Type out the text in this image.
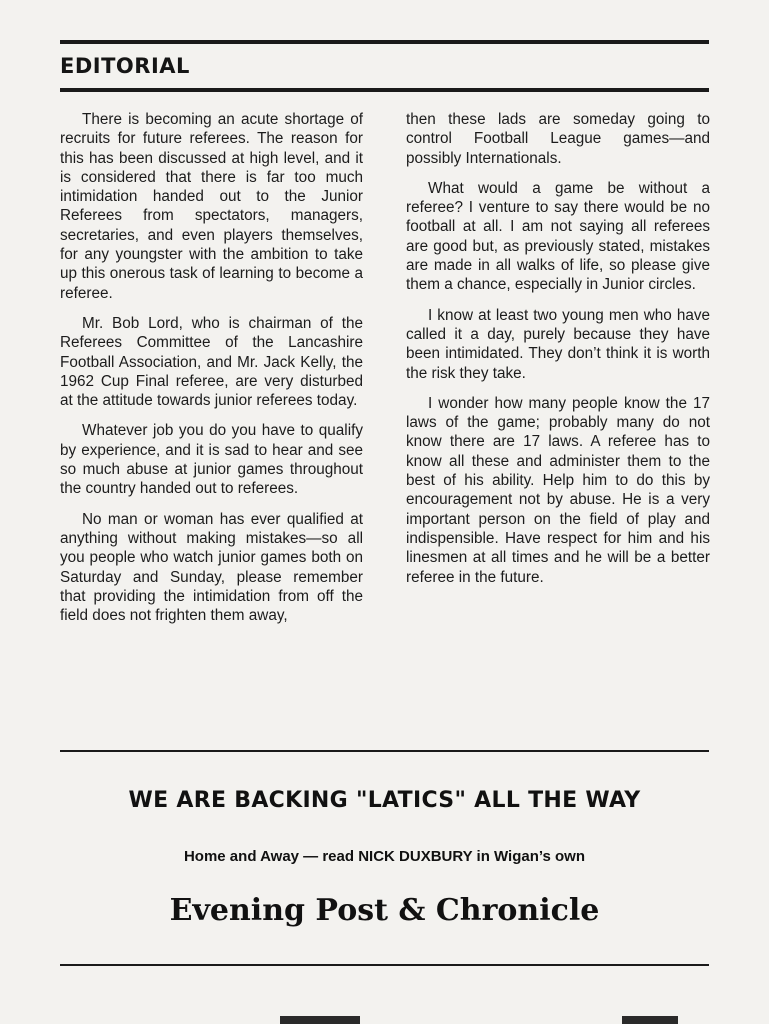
EDITORIAL

There is becoming an acute shortage of recruits for future referees. The reason for this has been discussed at high level, and it is considered that there is far too much intimidation handed out to the Junior Referees from spectators, managers, secretaries, and even players themselves, for any youngster with the ambition to take up this onerous task of learning to become a referee.

Mr. Bob Lord, who is chairman of the Referees Committee of the Lancashire Football Association, and Mr. Jack Kelly, the 1962 Cup Final referee, are very disturbed at the attitude towards junior referees today.

Whatever job you do you have to qualify by experience, and it is sad to hear and see so much abuse at junior games throughout the country handed out to referees.

No man or woman has ever qualified at anything without making mistakes—so all you people who watch junior games both on Saturday and Sunday, please remember that providing the intimidation from off the field does not frighten them away,

then these lads are someday going to control Football League games—and possibly Internationals.

What would a game be without a referee? I venture to say there would be no football at all. I am not saying all referees are good but, as previously stated, mistakes are made in all walks of life, so please give them a chance, especially in Junior circles.

I know at least two young men who have called it a day, purely because they have been intimidated. They don’t think it is worth the risk they take.

I wonder how many people know the 17 laws of the game; probably many do not know there are 17 laws. A referee has to know all these and administer them to the best of his ability. Help him to do this by encouragement not by abuse. He is a very important person on the field of play and indispensible. Have respect for him and his linesmen at all times and he will be a better referee in the future.

WE ARE BACKING "LATICS" ALL THE WAY
Home and Away — read NICK DUXBURY in Wigan’s own
Evening Post & Chronicle
